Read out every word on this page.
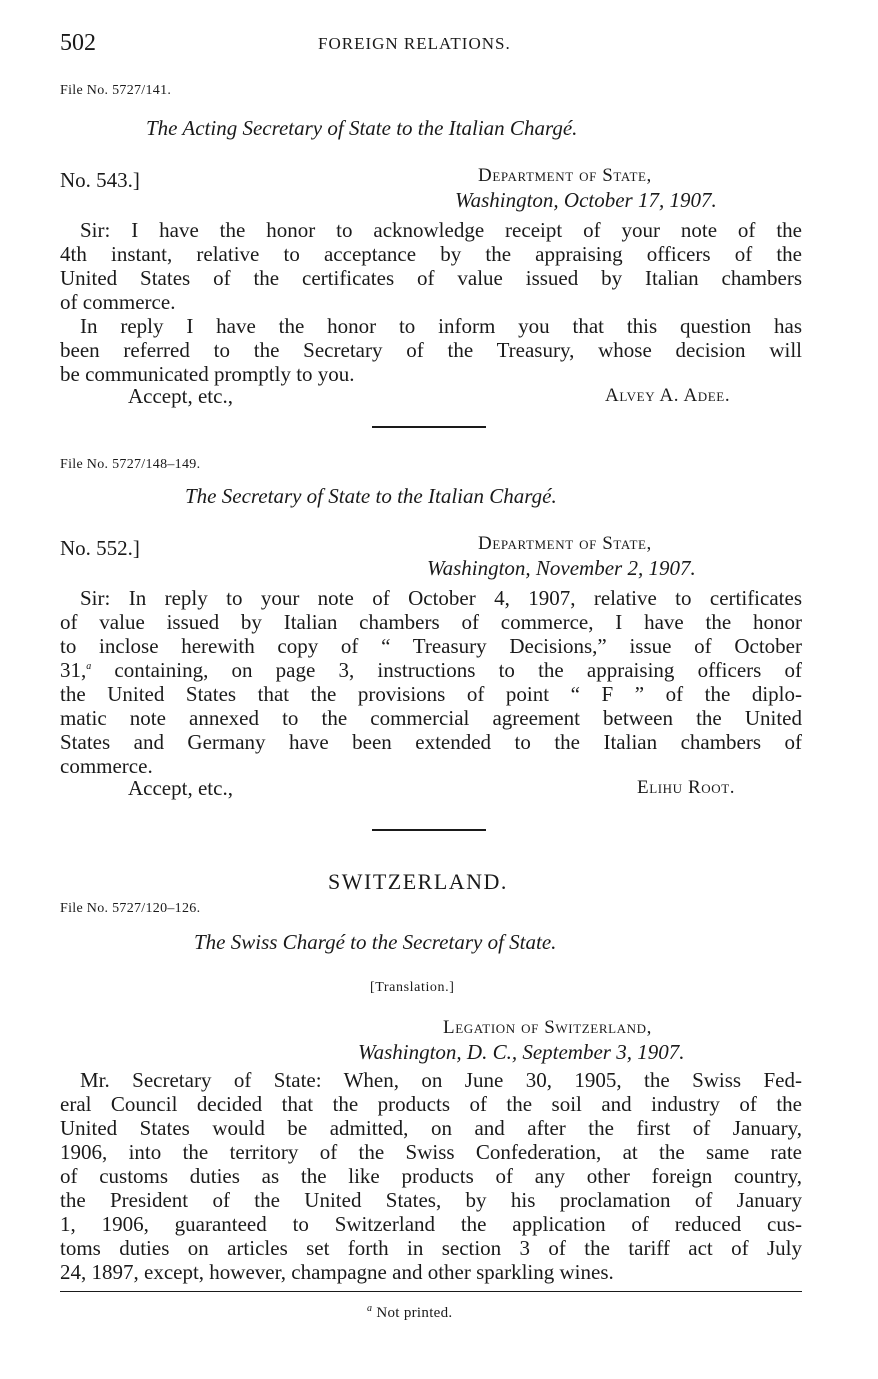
502	FOREIGN RELATIONS.
File No. 5727/141.
The Acting Secretary of State to the Italian Chargé.
No. 543.]	Department of State,
Washington, October 17, 1907.
Sir: I have the honor to acknowledge receipt of your note of the
4th instant, relative to acceptance by the appraising officers of the
United States of the certificates of value issued by Italian chambers
of commerce.
In reply I have the honor to inform you that this question has
been referred to the Secretary of the Treasury, whose decision will
be communicated promptly to you.
Accept, etc.,	Alvey A. Adee.
File No. 5727/148–149.
The Secretary of State to the Italian Chargé.
No. 552.]	Department of State,
Washington, November 2, 1907.
Sir: In reply to your note of October 4, 1907, relative to certificates
of value issued by Italian chambers of commerce, I have the honor
to inclose herewith copy of “ Treasury Decisions,” issue of October
31,$^a$ containing, on page 3, instructions to the appraising officers of
the United States that the provisions of point “ F ” of the diplo-
matic note annexed to the commercial agreement between the United
States and Germany have been extended to the Italian chambers of
commerce.
Accept, etc.,	Elihu Root.
SWITZERLAND.
File No. 5727/120–126.
The Swiss Chargé to the Secretary of State.
[Translation.]
Legation of Switzerland,
Washington, D. C., September 3, 1907.
Mr. Secretary of State: When, on June 30, 1905, the Swiss Fed-
eral Council decided that the products of the soil and industry of the
United States would be admitted, on and after the first of January,
1906, into the territory of the Swiss Confederation, at the same rate
of customs duties as the like products of any other foreign country,
the President of the United States, by his proclamation of January
1, 1906, guaranteed to Switzerland the application of reduced cus-
toms duties on articles set forth in section 3 of the tariff act of July
24, 1897, except, however, champagne and other sparkling wines.
$^a$ Not printed.
